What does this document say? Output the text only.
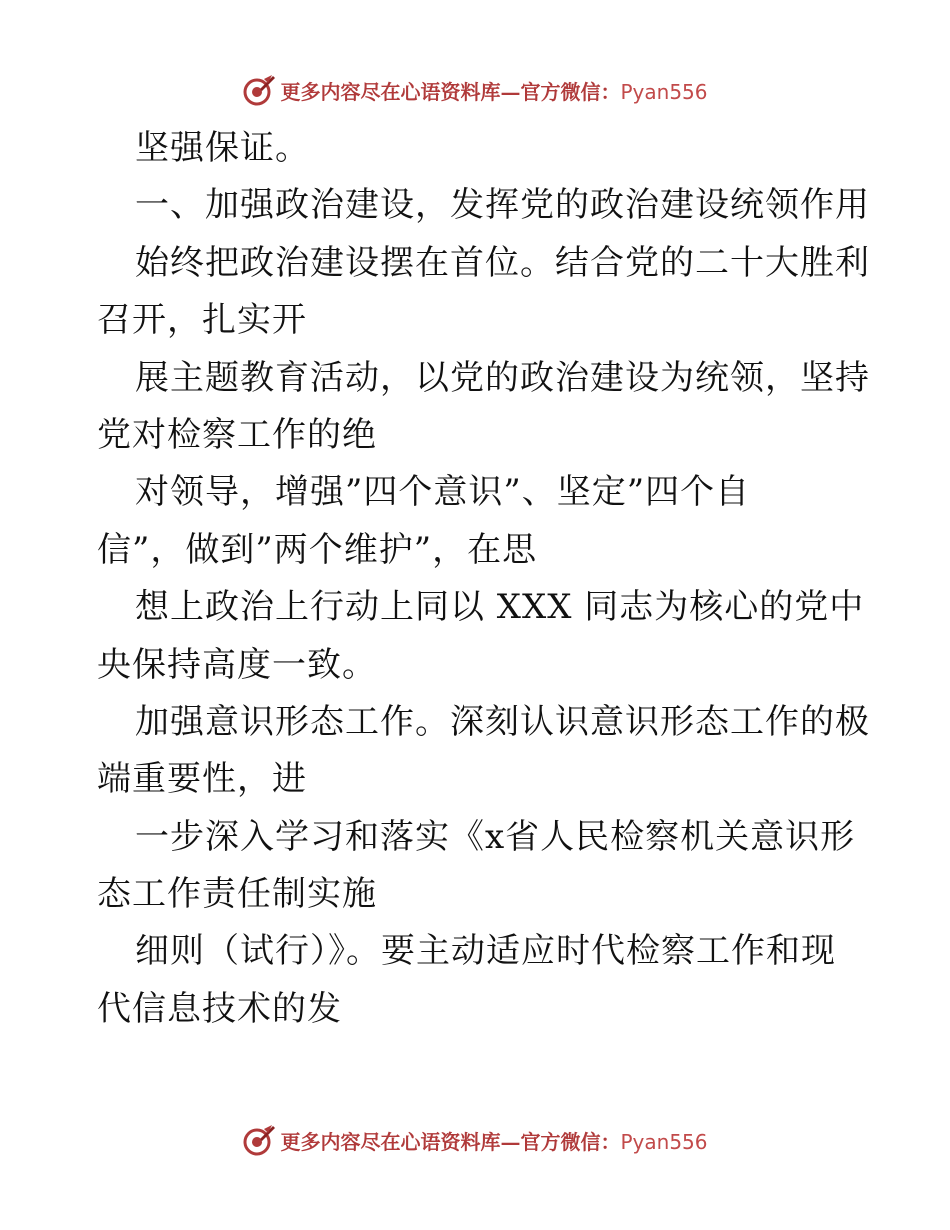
更多内容尽在心语资料库—官方微信：Pyan556
坚强保证。
一、加强政治建设，发挥党的政治建设统领作用
始终把政治建设摆在首位。结合党的二十大胜利
召开，扎实开
展主题教育活动，以党的政治建设为统领，坚持
党对检察工作的绝
对领导，增强”四个意识”、坚定”四个自
信”，做到”两个维护”，在思
想上政治上行动上同以 XXX 同志为核心的党中
央保持高度一致。
加强意识形态工作。深刻认识意识形态工作的极
端重要性，进
一步深入学习和落实《x省人民检察机关意识形
态工作责任制实施
细则（试行）》。要主动适应时代检察工作和现
代信息技术的发
更多内容尽在心语资料库—官方微信：Pyan556
